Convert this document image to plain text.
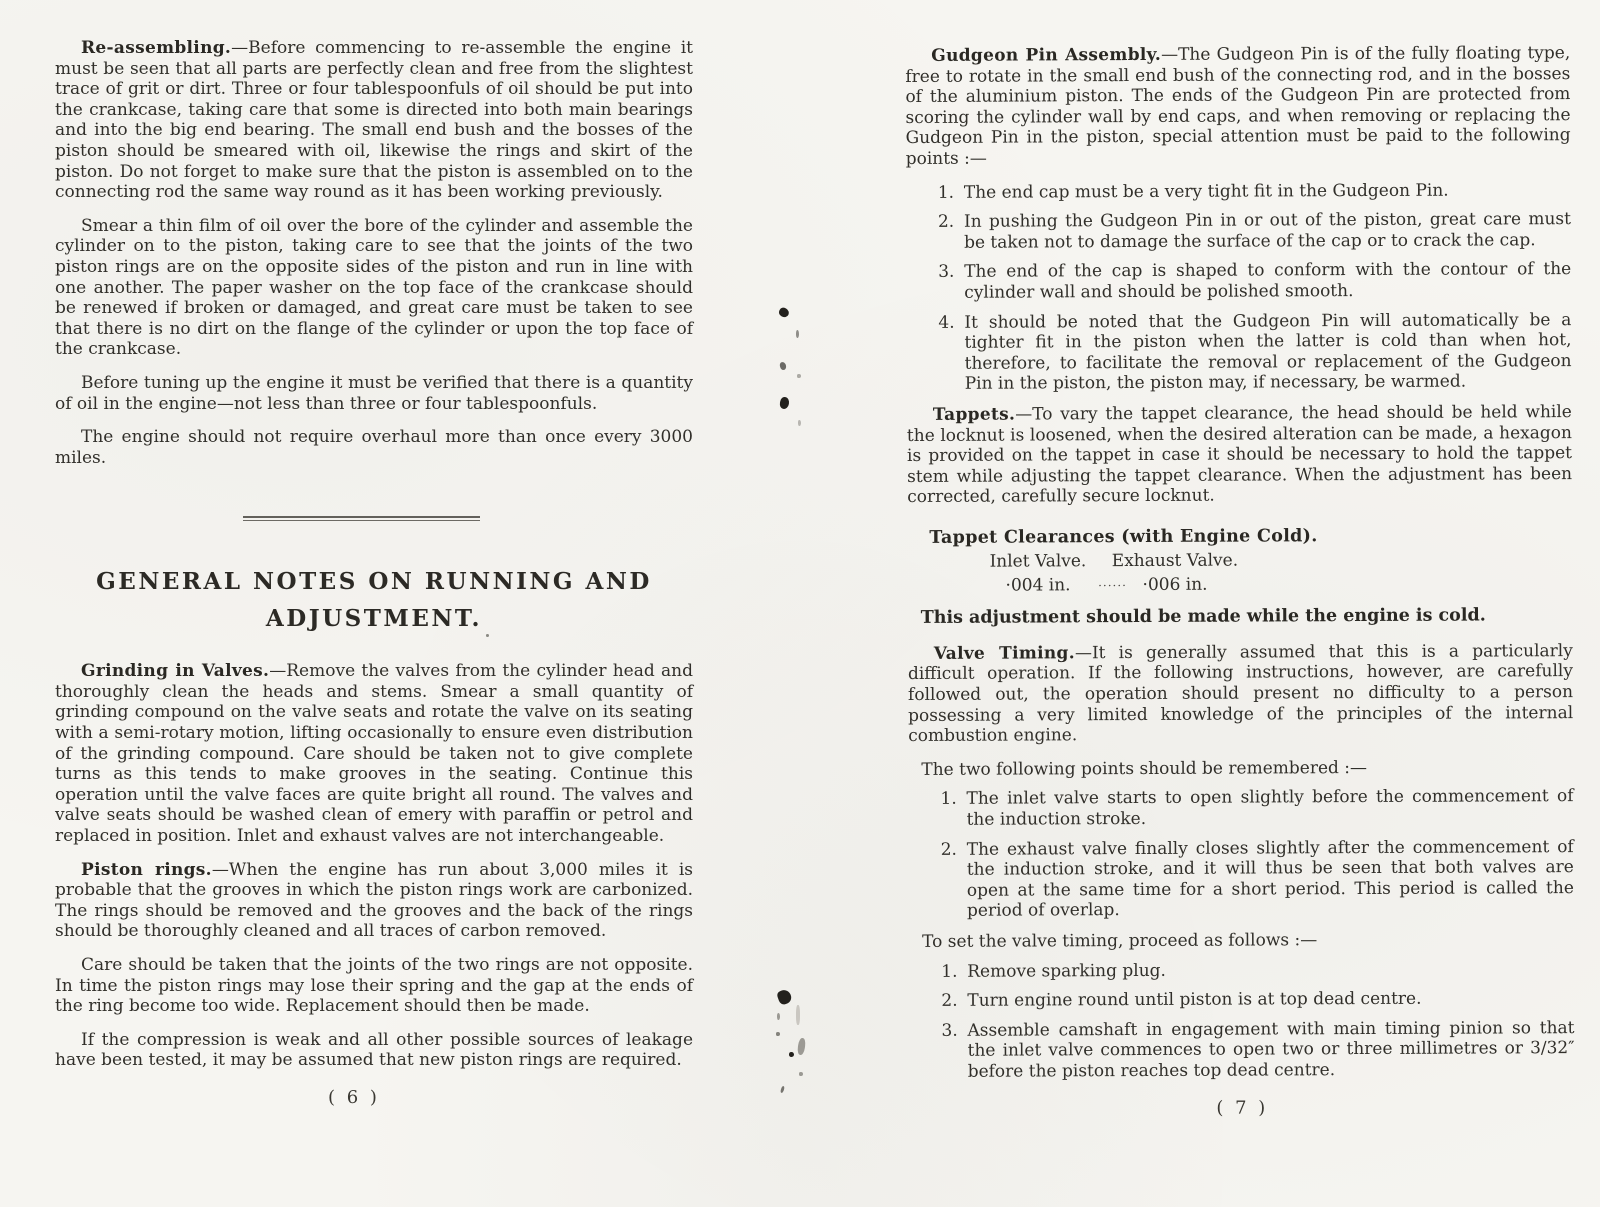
Re-assembling.—Before commencing to re-assemble the engine it must be seen that all parts are perfectly clean and free from the slightest trace of grit or dirt. Three or four tablespoonfuls of oil should be put into the crankcase, taking care that some is directed into both main bearings and into the big end bearing. The small end bush and the bosses of the piston should be smeared with oil, likewise the rings and skirt of the piston. Do not forget to make sure that the piston is assembled on to the connecting rod the same way round as it has been working previously.

Smear a thin film of oil over the bore of the cylinder and assemble the cylinder on to the piston, taking care to see that the joints of the two piston rings are on the opposite sides of the piston and run in line with one another. The paper washer on the top face of the crankcase should be renewed if broken or damaged, and great care must be taken to see that there is no dirt on the flange of the cylinder or upon the top face of the crankcase.

Before tuning up the engine it must be verified that there is a quantity of oil in the engine—not less than three or four tablespoonfuls.

The engine should not require overhaul more than once every 3000 miles.

GENERAL NOTES ON RUNNING AND
ADJUSTMENT.

Grinding in Valves.—Remove the valves from the cylinder head and thoroughly clean the heads and stems. Smear a small quantity of grinding compound on the valve seats and rotate the valve on its seating with a semi-rotary motion, lifting occasionally to ensure even distribution of the grinding compound. Care should be taken not to give complete turns as this tends to make grooves in the seating. Continue this operation until the valve faces are quite bright all round. The valves and valve seats should be washed clean of emery with paraffin or petrol and replaced in position. Inlet and exhaust valves are not interchangeable.

Piston rings.—When the engine has run about 3,000 miles it is probable that the grooves in which the piston rings work are carbonized. The rings should be removed and the grooves and the back of the rings should be thoroughly cleaned and all traces of carbon removed.

Care should be taken that the joints of the two rings are not opposite. In time the piston rings may lose their spring and the gap at the ends of the ring become too wide. Replacement should then be made.

If the compression is weak and all other possible sources of leakage have been tested, it may be assumed that new piston rings are required.

( 6 )

Gudgeon Pin Assembly.—The Gudgeon Pin is of the fully floating type, free to rotate in the small end bush of the connecting rod, and in the bosses of the aluminium piston. The ends of the Gudgeon Pin are protected from scoring the cylinder wall by end caps, and when removing or replacing the Gudgeon Pin in the piston, special attention must be paid to the following points :—

1. The end cap must be a very tight fit in the Gudgeon Pin.
2. In pushing the Gudgeon Pin in or out of the piston, great care must be taken not to damage the surface of the cap or to crack the cap.
3. The end of the cap is shaped to conform with the contour of the cylinder wall and should be polished smooth.
4. It should be noted that the Gudgeon Pin will automatically be a tighter fit in the piston when the latter is cold than when hot, therefore, to facilitate the removal or replacement of the Gudgeon Pin in the piston, the piston may, if necessary, be warmed.

Tappets.—To vary the tappet clearance, the head should be held while the locknut is loosened, when the desired alteration can be made, a hexagon is provided on the tappet in case it should be necessary to hold the tappet stem while adjusting the tappet clearance. When the adjustment has been corrected, carefully secure locknut.

Tappet Clearances (with Engine Cold).
Inlet Valve.	Exhaust Valve.
·004 in.	...... ·006 in.
This adjustment should be made while the engine is cold.

Valve Timing.—It is generally assumed that this is a particularly difficult operation. If the following instructions, however, are carefully followed out, the operation should present no difficulty to a person possessing a very limited knowledge of the principles of the internal combustion engine.

The two following points should be remembered :—

1. The inlet valve starts to open slightly before the commencement of the induction stroke.
2. The exhaust valve finally closes slightly after the commencement of the induction stroke, and it will thus be seen that both valves are open at the same time for a short period. This period is called the period of overlap.

To set the valve timing, proceed as follows :—

1. Remove sparking plug.
2. Turn engine round until piston is at top dead centre.
3. Assemble camshaft in engagement with main timing pinion so that the inlet valve commences to open two or three millimetres or 3/32″ before the piston reaches top dead centre.
( 7 )
